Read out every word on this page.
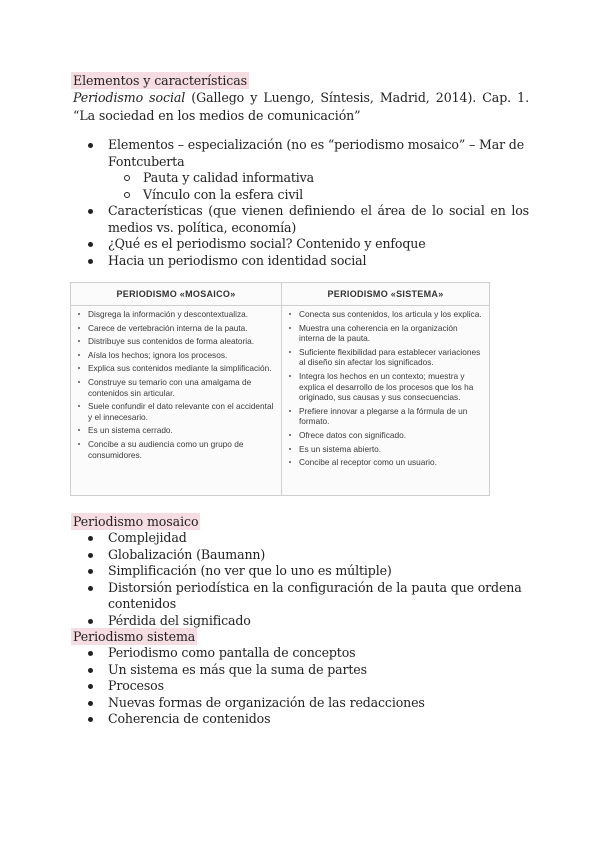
Elementos y características
Periodismo social (Gallego y Luengo, Síntesis, Madrid, 2014). Cap. 1. “La sociedad en los medios de comunicación”
Elementos – especialización (no es “periodismo mosaico” – Mar de Fontcuberta
Pauta y calidad informativa
Vínculo con la esfera civil
Características (que vienen definiendo el área de lo social en los medios vs. política, economía)
¿Qué es el periodismo social? Contenido y enfoque
Hacia un periodismo con identidad social
PERIODISMO «MOSAICO»
Disgrega la información y descontextualiza.
Carece de vertebración interna de la pauta.
Distribuye sus contenidos de forma aleatoria.
Aísla los hechos; ignora los procesos.
Explica sus contenidos mediante la simplificación.
Construye su temario con una amalgama de contenidos sin articular.
Suele confundir el dato relevante con el accidental y el innecesario.
Es un sistema cerrado.
Concibe a su audiencia como un grupo de consumidores.
PERIODISMO «SISTEMA»
Conecta sus contenidos, los articula y los explica.
Muestra una coherencia en la organización interna de la pauta.
Suficiente flexibilidad para establecer variaciones al diseño sin afectar los significados.
Integra los hechos en un contexto; muestra y explica el desarrollo de los procesos que los ha originado, sus causas y sus consecuencias.
Prefiere innovar a plegarse a la fórmula de un formato.
Ofrece datos con significado.
Es un sistema abierto.
Concibe al receptor como un usuario.
Periodismo mosaico
Complejidad
Globalización (Baumann)
Simplificación (no ver que lo uno es múltiple)
Distorsión periodística en la configuración de la pauta que ordena contenidos
Pérdida del significado
Periodismo sistema
Periodismo como pantalla de conceptos
Un sistema es más que la suma de partes
Procesos
Nuevas formas de organización de las redacciones
Coherencia de contenidos
